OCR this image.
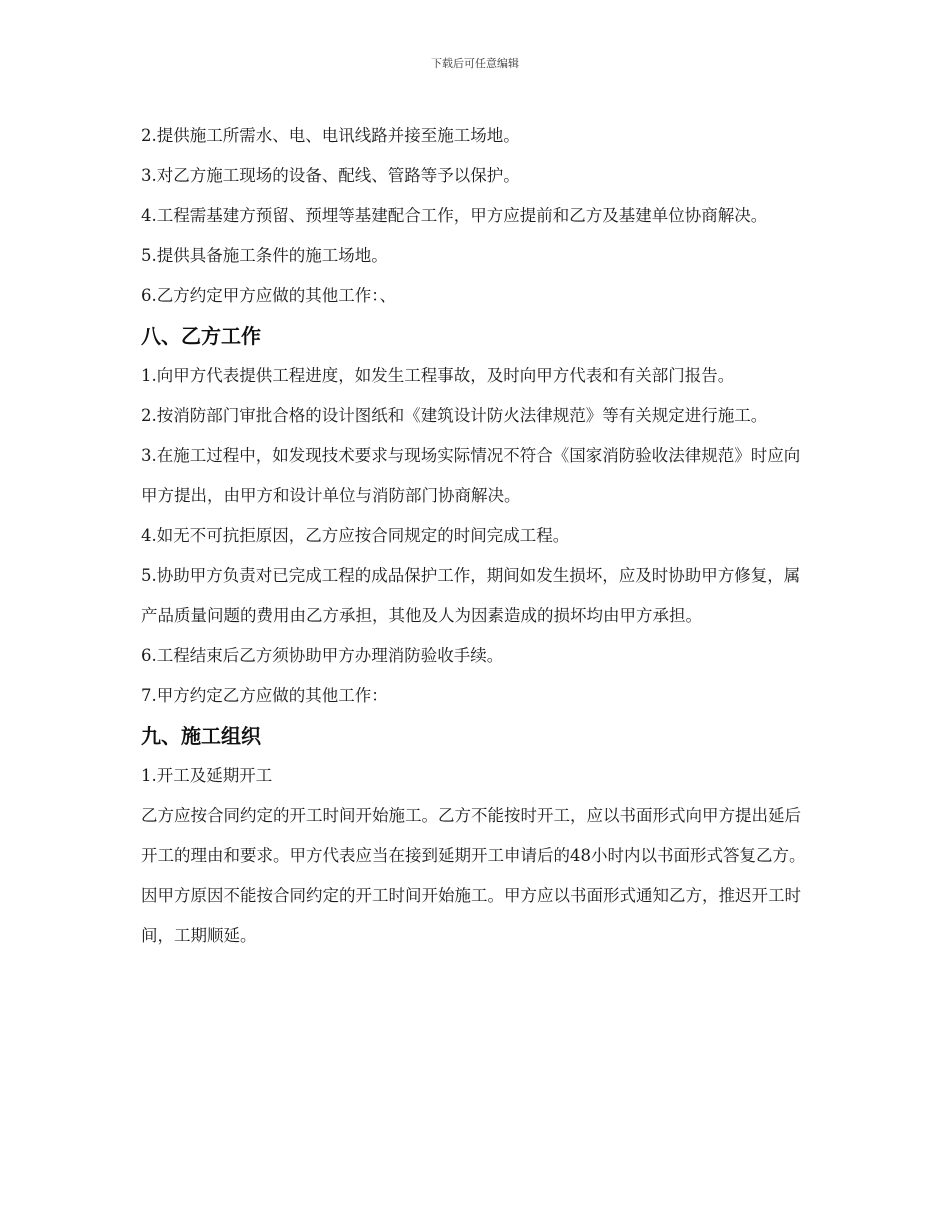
下载后可任意编辑

2.提供施工所需水、电、电讯线路并接至施工场地。

3.对乙方施工现场的设备、配线、管路等予以保护。

4.工程需基建方预留、预埋等基建配合工作，甲方应提前和乙方及基建单位协商解决。

5.提供具备施工条件的施工场地。

6.乙方约定甲方应做的其他工作：、

八、乙方工作

1.向甲方代表提供工程进度，如发生工程事故，及时向甲方代表和有关部门报告。

2.按消防部门审批合格的设计图纸和《建筑设计防火法律规范》等有关规定进行施工。

3.在施工过程中，如发现技术要求与现场实际情况不符合《国家消防验收法律规范》时应向甲方提出，由甲方和设计单位与消防部门协商解决。

4.如无不可抗拒原因，乙方应按合同规定的时间完成工程。

5.协助甲方负责对已完成工程的成品保护工作，期间如发生损坏，应及时协助甲方修复，属产品质量问题的费用由乙方承担，其他及人为因素造成的损坏均由甲方承担。

6.工程结束后乙方须协助甲方办理消防验收手续。

7.甲方约定乙方应做的其他工作：

九、施工组织

1.开工及延期开工

乙方应按合同约定的开工时间开始施工。乙方不能按时开工，应以书面形式向甲方提出延后开工的理由和要求。甲方代表应当在接到延期开工申请后的48小时内以书面形式答复乙方。因甲方原因不能按合同约定的开工时间开始施工。甲方应以书面形式通知乙方，推迟开工时间，工期顺延。
